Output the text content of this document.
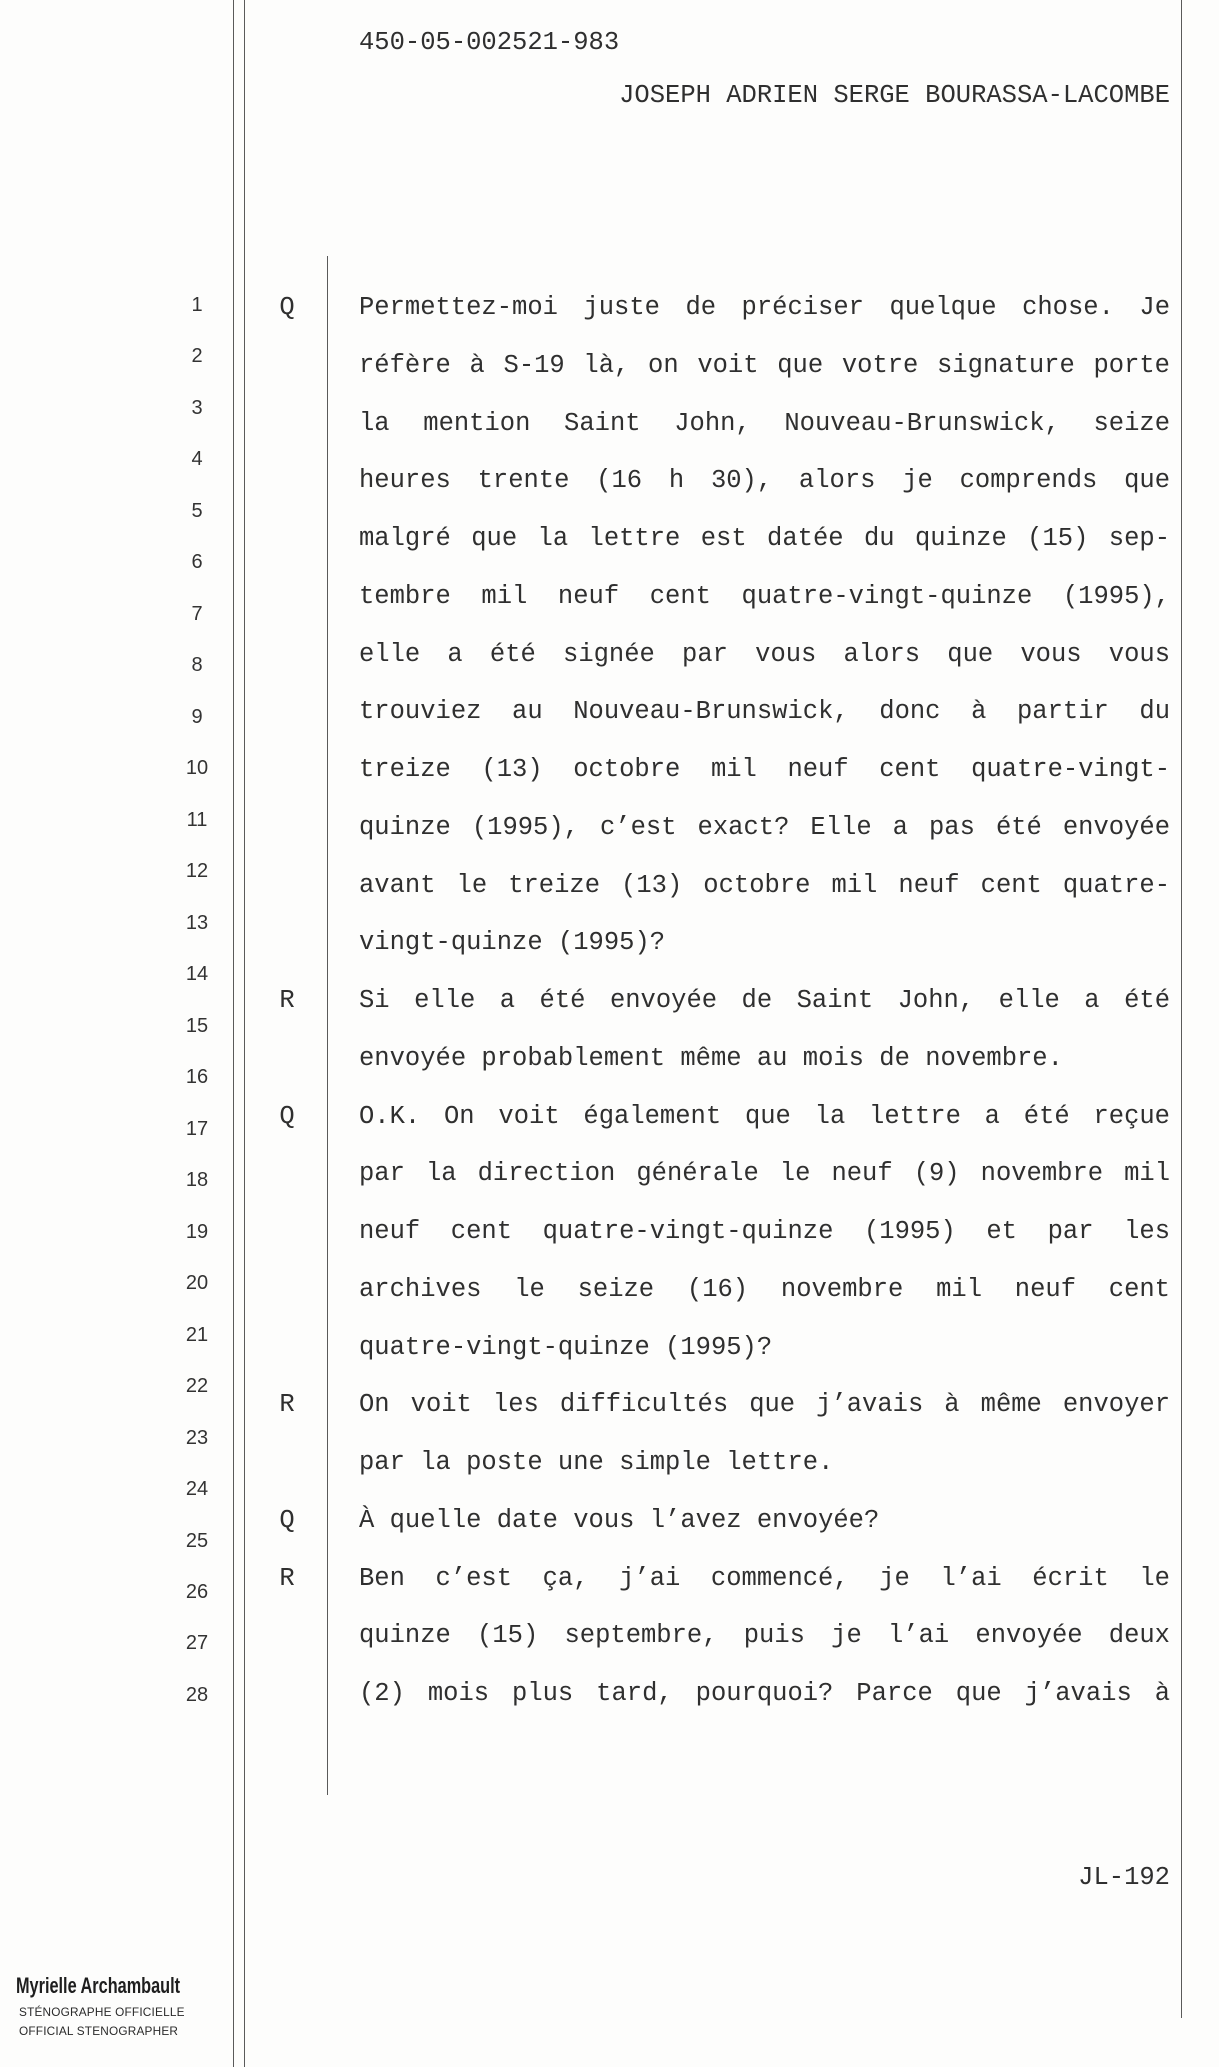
450-05-002521-983
JOSEPH ADRIEN SERGE BOURASSA-LACOMBE
JL-192
Myrielle Archambault
STÉNOGRAPHE OFFICIELLE
OFFICIAL STENOGRAPHER
1
2
3
4
5
6
7
8
9
10
11
12
13
14
15
16
17
18
19
20
21
22
23
24
25
26
27
28
Q	Permettez-moi juste de préciser quelque chose. Je
réfère à S-19 là, on voit que votre signature porte
la mention Saint John, Nouveau-Brunswick, seize
heures trente (16 h 30), alors je comprends que
malgré que la lettre est datée du quinze (15) sep-
tembre mil neuf cent quatre-vingt-quinze (1995),
elle a été signée par vous alors que vous vous
trouviez au Nouveau-Brunswick, donc à partir du
treize (13) octobre mil neuf cent quatre-vingt-
quinze (1995), c’est exact? Elle a pas été envoyée
avant le treize (13) octobre mil neuf cent quatre-
vingt-quinze (1995)?
R	Si elle a été envoyée de Saint John, elle a été
envoyée probablement même au mois de novembre.
Q	O.K. On voit également que la lettre a été reçue
par la direction générale le neuf (9) novembre mil
neuf cent quatre-vingt-quinze (1995) et par les
archives le seize (16) novembre mil neuf cent
quatre-vingt-quinze (1995)?
R	On voit les difficultés que j’avais à même envoyer
par la poste une simple lettre.
Q	À quelle date vous l’avez envoyée?
R	Ben c’est ça, j’ai commencé, je l’ai écrit le
quinze (15) septembre, puis je l’ai envoyée deux
(2) mois plus tard, pourquoi? Parce que j’avais à
